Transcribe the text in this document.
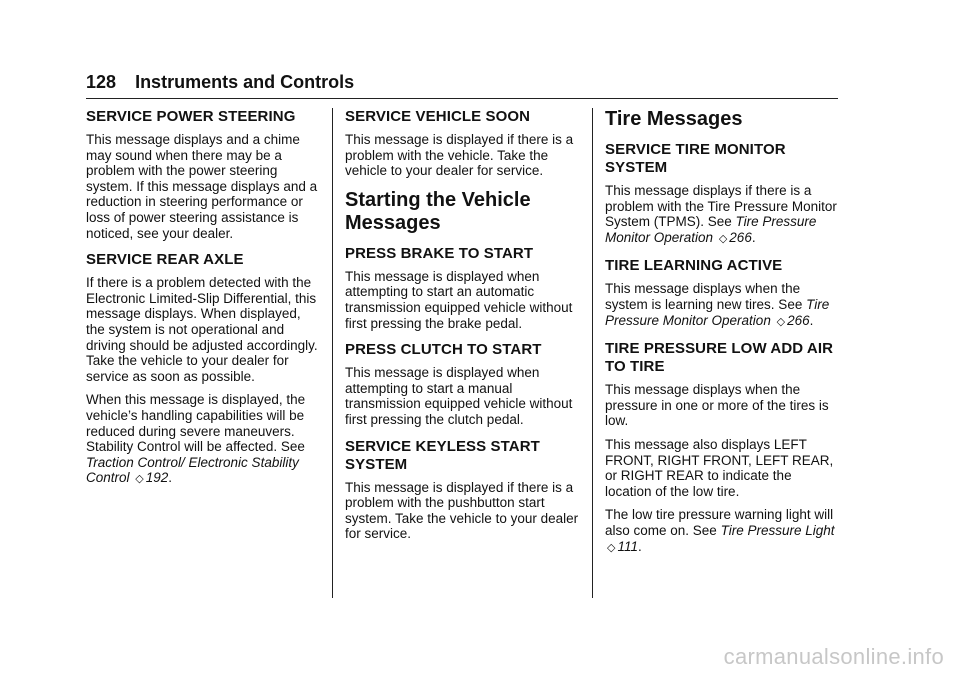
128 Instruments and Controls
SERVICE POWER STEERING

This message displays and a chime may sound when there may be a problem with the power steering system. If this message displays and a reduction in steering performance or loss of power steering assistance is noticed, see your dealer.

SERVICE REAR AXLE

If there is a problem detected with the Electronic Limited-Slip Differential, this message displays. When displayed, the system is not operational and driving should be adjusted accordingly. Take the vehicle to your dealer for service as soon as possible.

When this message is displayed, the vehicle’s handling capabilities will be reduced during severe maneuvers. Stability Control will be affected. See Traction Control/ Electronic Stability Control ◇ 192.

SERVICE VEHICLE SOON

This message is displayed if there is a problem with the vehicle. Take the vehicle to your dealer for service.

Starting the Vehicle Messages
PRESS BRAKE TO START

This message is displayed when attempting to start an automatic transmission equipped vehicle without first pressing the brake pedal.

PRESS CLUTCH TO START

This message is displayed when attempting to start a manual transmission equipped vehicle without first pressing the clutch pedal.

SERVICE KEYLESS START SYSTEM

This message is displayed if there is a problem with the pushbutton start system. Take the vehicle to your dealer for service.

Tire Messages
SERVICE TIRE MONITOR SYSTEM

This message displays if there is a problem with the Tire Pressure Monitor System (TPMS). See Tire Pressure Monitor Operation ◇ 266.

TIRE LEARNING ACTIVE

This message displays when the system is learning new tires. See Tire Pressure Monitor Operation ◇ 266.

TIRE PRESSURE LOW ADD AIR TO TIRE

This message displays when the pressure in one or more of the tires is low.

This message also displays LEFT FRONT, RIGHT FRONT, LEFT REAR, or RIGHT REAR to indicate the location of the low tire.

The low tire pressure warning light will also come on. See Tire Pressure Light ◇ 111.

carmanualsonline.info
